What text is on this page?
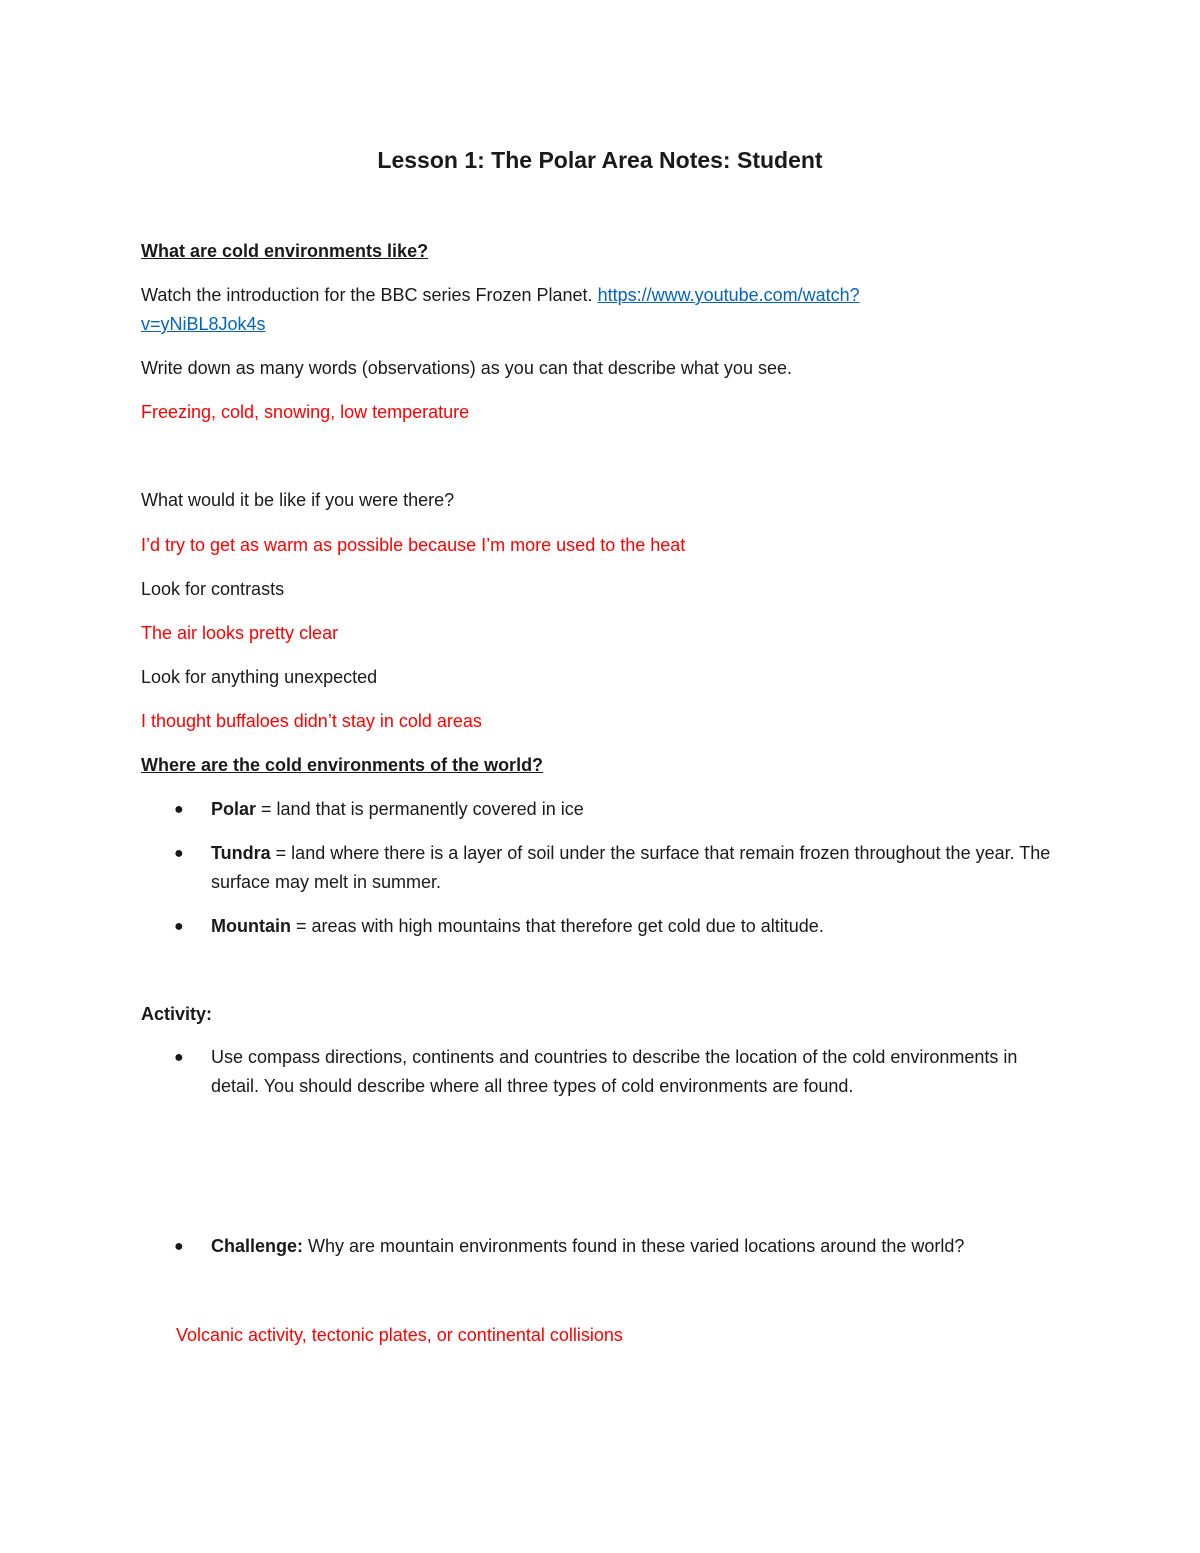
Lesson 1: The Polar Area Notes: Student
What are cold environments like?
Watch the introduction for the BBC series Frozen Planet. https://www.youtube.com/watch?
v=yNiBL8Jok4s
Write down as many words (observations) as you can that describe what you see.
Freezing, cold, snowing, low temperature
What would it be like if you were there?
I’d try to get as warm as possible because I’m more used to the heat
Look for contrasts
The air looks pretty clear
Look for anything unexpected
I thought buffaloes didn’t stay in cold areas
Where are the cold environments of the world?
● Polar = land that is permanently covered in ice
● Tundra = land where there is a layer of soil under the surface that remain frozen throughout the year. The surface may melt in summer.
● Mountain = areas with high mountains that therefore get cold due to altitude.
Activity:
● Use compass directions, continents and countries to describe the location of the cold environments in detail. You should describe where all three types of cold environments are found.
● Challenge: Why are mountain environments found in these varied locations around the world?
Volcanic activity, tectonic plates, or continental collisions
